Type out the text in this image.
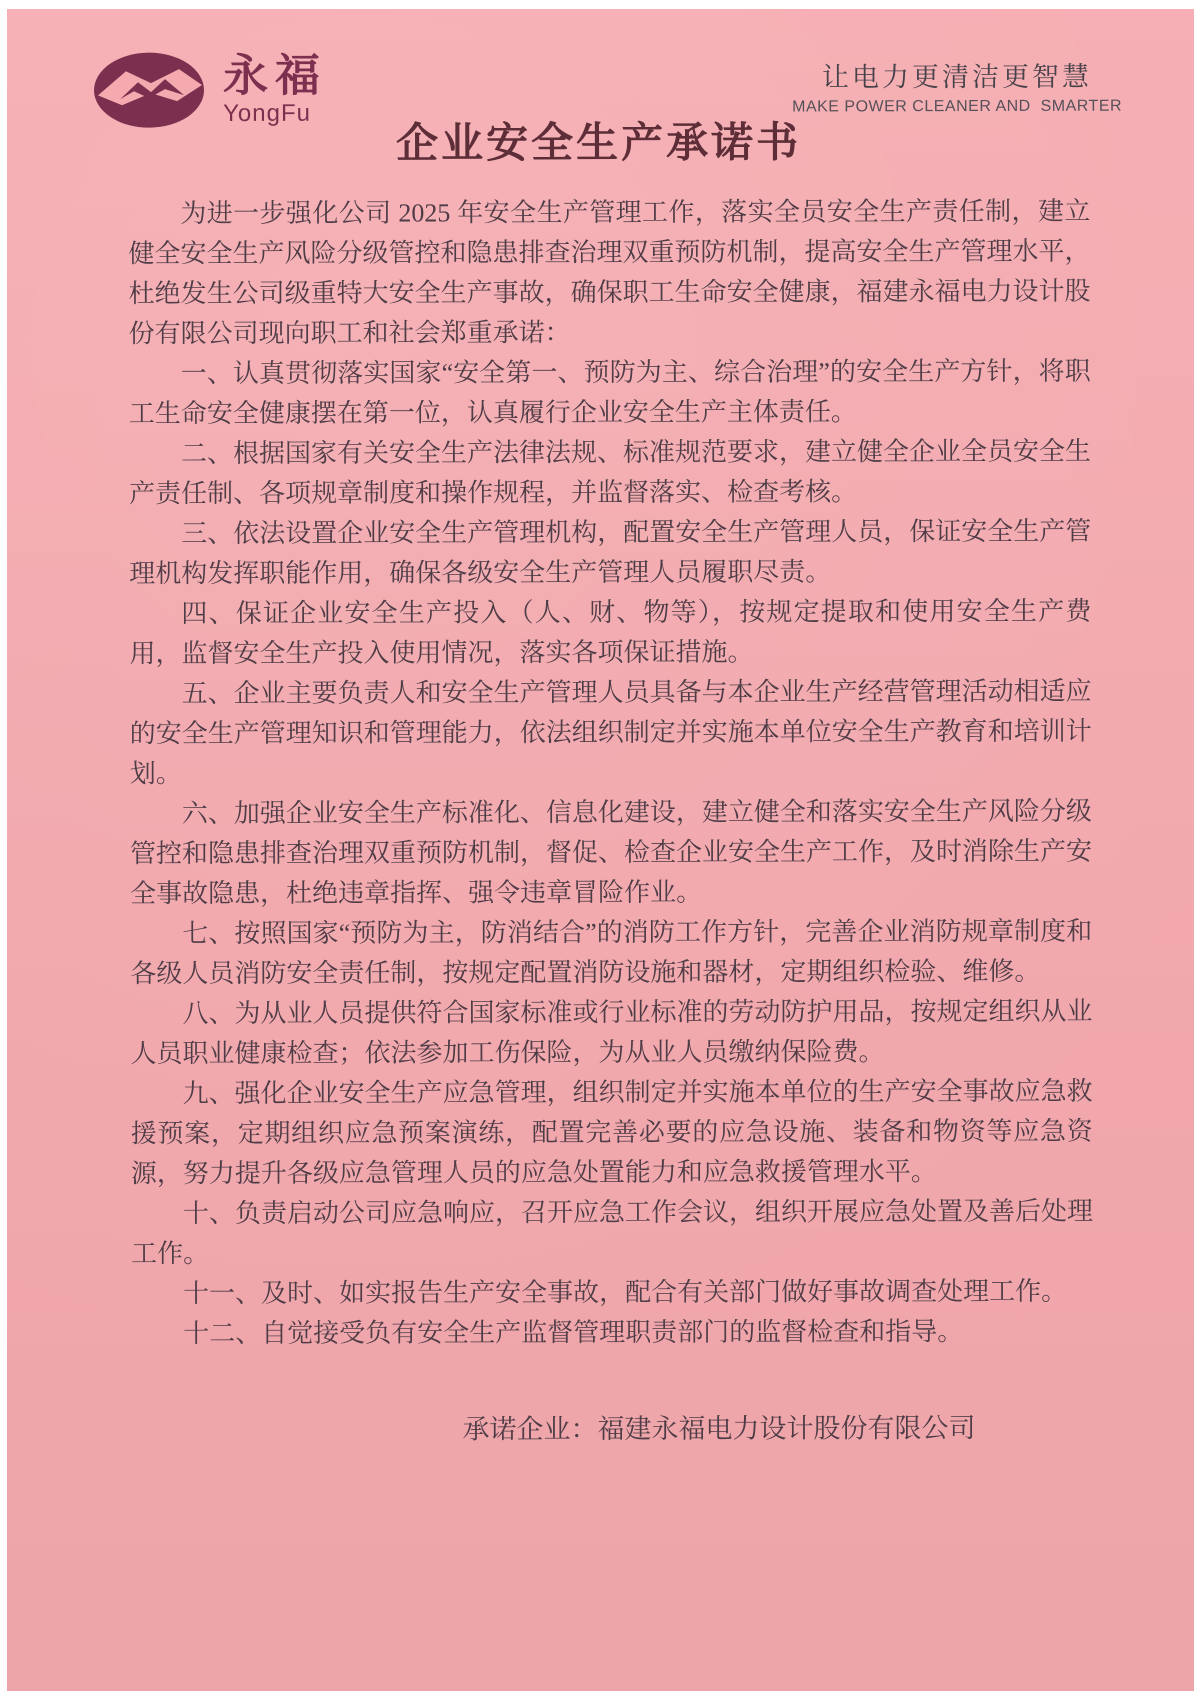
永福
YongFu
让电力更清洁更智慧
MAKE POWER CLEANER AND  SMARTER
企业安全生产承诺书

为进一步强化公司 2025 年安全生产管理工作，落实全员安全生产责任制，建立健全安全生产风险分级管控和隐患排查治理双重预防机制，提高安全生产管理水平，杜绝发生公司级重特大安全生产事故，确保职工生命安全健康，福建永福电力设计股份有限公司现向职工和社会郑重承诺：

一、认真贯彻落实国家“安全第一、预防为主、综合治理”的安全生产方针，将职工生命安全健康摆在第一位，认真履行企业安全生产主体责任。

二、根据国家有关安全生产法律法规、标准规范要求，建立健全企业全员安全生产责任制、各项规章制度和操作规程，并监督落实、检查考核。

三、依法设置企业安全生产管理机构，配置安全生产管理人员，保证安全生产管理机构发挥职能作用，确保各级安全生产管理人员履职尽责。

四、保证企业安全生产投入（人、财、物等），按规定提取和使用安全生产费用，监督安全生产投入使用情况，落实各项保证措施。

五、企业主要负责人和安全生产管理人员具备与本企业生产经营管理活动相适应的安全生产管理知识和管理能力，依法组织制定并实施本单位安全生产教育和培训计划。

六、加强企业安全生产标准化、信息化建设，建立健全和落实安全生产风险分级管控和隐患排查治理双重预防机制，督促、检查企业安全生产工作，及时消除生产安全事故隐患，杜绝违章指挥、强令违章冒险作业。

七、按照国家“预防为主，防消结合”的消防工作方针，完善企业消防规章制度和各级人员消防安全责任制，按规定配置消防设施和器材，定期组织检验、维修。

八、为从业人员提供符合国家标准或行业标准的劳动防护用品，按规定组织从业人员职业健康检查；依法参加工伤保险，为从业人员缴纳保险费。

九、强化企业安全生产应急管理，组织制定并实施本单位的生产安全事故应急救援预案，定期组织应急预案演练，配置完善必要的应急设施、装备和物资等应急资源，努力提升各级应急管理人员的应急处置能力和应急救援管理水平。

十、负责启动公司应急响应，召开应急工作会议，组织开展应急处置及善后处理工作。

十一、及时、如实报告生产安全事故，配合有关部门做好事故调查处理工作。

十二、自觉接受负有安全生产监督管理职责部门的监督检查和指导。

承诺企业：福建永福电力设计股份有限公司
